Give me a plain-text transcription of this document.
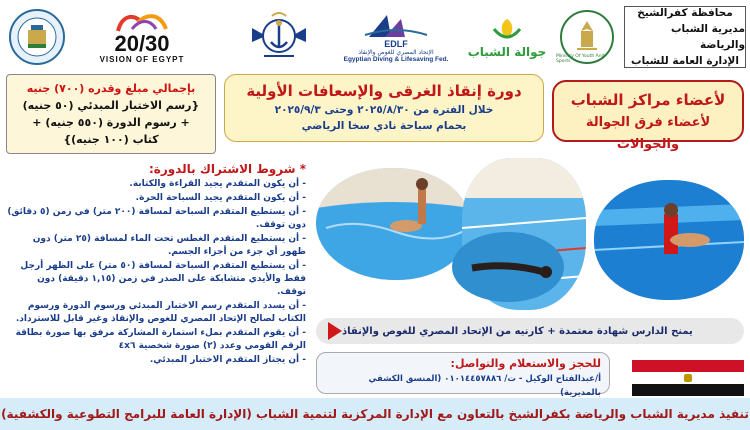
20/30
VISION OF EGYPT
EDLF
الإتحاد المصري للغوص والإنقاذ
Egyptian Diving & Lifesaving Fed.
جوالة الشباب Ministry Of Youth And Sports
محافظة كفرالشيخ
مديرية الشباب والرياضة
الإدارة العامة للشباب

بإجمالي مبلغ وقدره (٧٠٠) جنيه

{رسم الاختبار المبدئي (٥٠ جنيه)

+ رسوم الدورة (٥٥٠ جنيه) +

كتاب (١٠٠ جنيه)}

دورة إنقاذ الغرقى والإسعافات الأولية
خلال الفترة من ٢٠٢٥/٨/٣٠ وحتى ٢٠٢٥/٩/٣
بحمام سباحة نادي سخا الرياضي
لأعضاء مراكز الشباب
لأعضاء فرق الجوالة والجوالات
* شروط الاشتراك بالدورة:
- أن يكون المتقدم يجيد القراءة والكتابة.
- أن يكون المتقدم يجيد السباحة الحرة.
- أن يستطيع المتقدم السباحة لمسافة (٢٠٠ متر) في زمن (٥ دقائق) دون توقف.
- أن يستطيع المتقدم الغطس تحت الماء لمسافة (٢٥ متر) دون ظهور أي جزء من أجزاء الجسم.
- أن يستطيع المتقدم السباحة لمسافة (٥٠ متر) على الظهر أرجل فقط والأيدي متشابكة على الصدر في زمن (١,١٥ دقيقة) دون توقف.
- أن يسدد المتقدم رسم الاختبار المبدئي ورسوم الدورة ورسوم الكتاب لصالح الإتحاد المصري للغوص والإنقاذ وغير قابل للاسترداد.
- أن يقوم المتقدم بملء استمارة المشاركة مرفق بها صورة بطاقة الرقم القومي وعدد (٢) صورة شخصية ٤x٦
- أن يجتاز المتقدم الاختبار المبدئي.
يمنح الدارس شهادة معتمدة + كارنيه من الإتحاد المصري للغوص والإنقاذ
للحجز والاستعلام والتواصل:
أ/عبدالفتاح الوكيل - ت/ ٠١٠١٤٤٥٧٨٨٦ (المنسق الكشفي بالمديرية)
تنفيذ مديرية الشباب والرياضة بكفرالشيخ بالتعاون مع الإدارة المركزية لتنمية الشباب (الإدارة العامة للبرامج التطوعية والكشفية)
